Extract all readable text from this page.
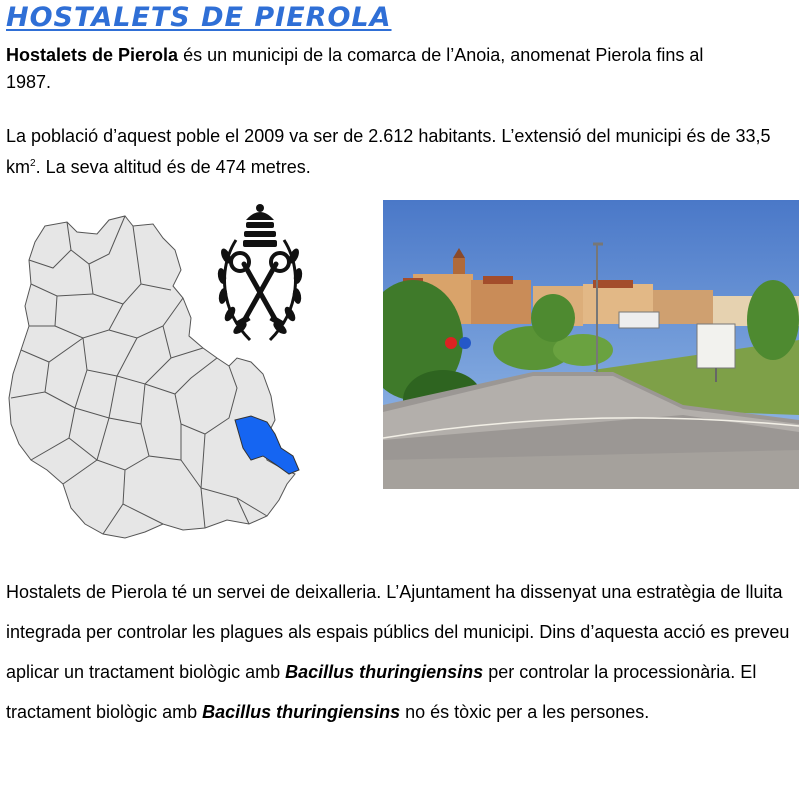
HOSTALETS DE PIEROLA

Hostalets de Pierola és un municipi de la comarca de l’Anoia, anomenat Pierola fins al 1987.

La població d’aquest poble el 2009 va ser de 2.612 habitants. L’extensió del municipi és de 33,5 $km^2$. La seva altitud és de 474 metres.

Hostalets de Pierola té un servei de deixalleria. L’Ajuntament ha dissenyat una estratègia de lluita integrada per controlar les plagues als espais públics del municipi. Dins d’aquesta acció es preveu aplicar un tractament biològic amb Bacillus thuringiensins per controlar la processionària. El tractament biològic amb Bacillus thuringiensins no és tòxic per a les persones.
